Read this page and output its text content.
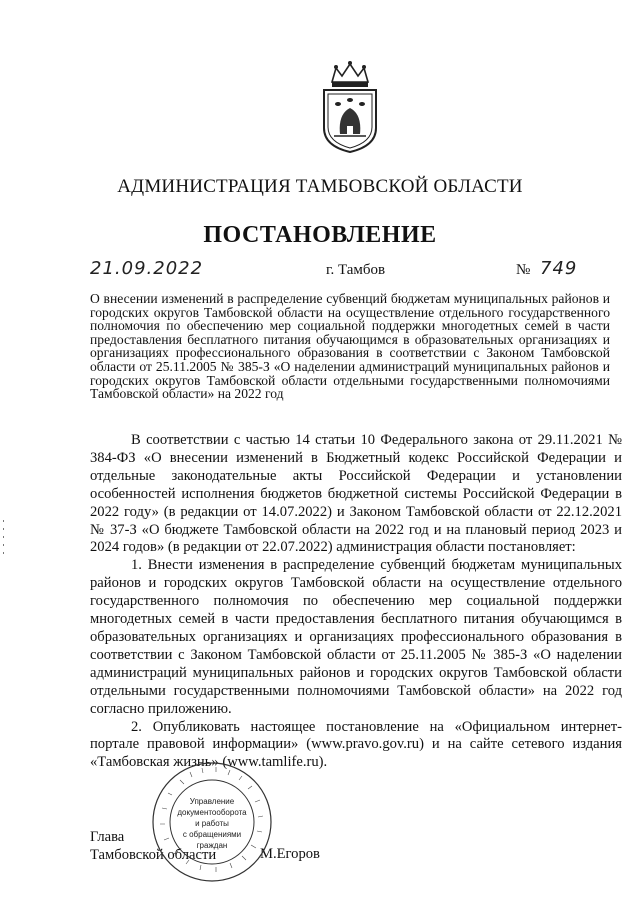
АДМИНИСТРАЦИЯ ТАМБОВСКОЙ ОБЛАСТИ
ПОСТАНОВЛЕНИЕ
21.09.2022	г. Тамбов	№ 749
О внесении изменений в распределение субвенций бюджетам муниципальных районов и городских округов Тамбовской области на осуществление отдельного государственного полномочия по обеспечению мер социальной поддержки многодетных семей в части предоставления бесплатного питания обучающимся в образовательных организациях и организациях профессионального образования в соответствии с Законом Тамбовской области от 25.11.2005 № 385-З «О наделении администраций муниципальных районов и городских округов Тамбовской области отдельными государственными полномочиями Тамбовской области» на 2022 год

В соответствии с частью 14 статьи 10 Федерального закона от 29.11.2021 № 384-ФЗ «О внесении изменений в Бюджетный кодекс Российской Федерации и отдельные законодательные акты Российской Федерации и установлении особенностей исполнения бюджетов бюджетной системы Российской Федерации в 2022 году» (в редакции от 14.07.2022) и Законом Тамбовской области от 22.12.2021 № 37-З «О бюджете Тамбовской области на 2022 год и на плановый период 2023 и 2024 годов» (в редакции от 22.07.2022) администрация области постановляет:

1. Внести изменения в распределение субвенций бюджетам муниципальных районов и городских округов Тамбовской области на осуществление отдельного государственного полномочия по обеспечению мер социальной поддержки многодетных семей в части предоставления бесплатного питания обучающимся в образовательных организациях и организациях профессионального образования в соответствии с Законом Тамбовской области от 25.11.2005 № 385-З «О наделении администраций муниципальных районов и городских округов Тамбовской области отдельными государственными полномочиями Тамбовской области» на 2022 год согласно приложению.

2. Опубликовать настоящее постановление на «Официальном интернет-портале правовой информации» (www.pravo.gov.ru) и на сайте сетевого издания «Тамбовская жизнь» (www.tamlife.ru).

Глава
Тамбовской области	М.Егоров
Управление
документооборота
и работы
с обращениями
граждан
